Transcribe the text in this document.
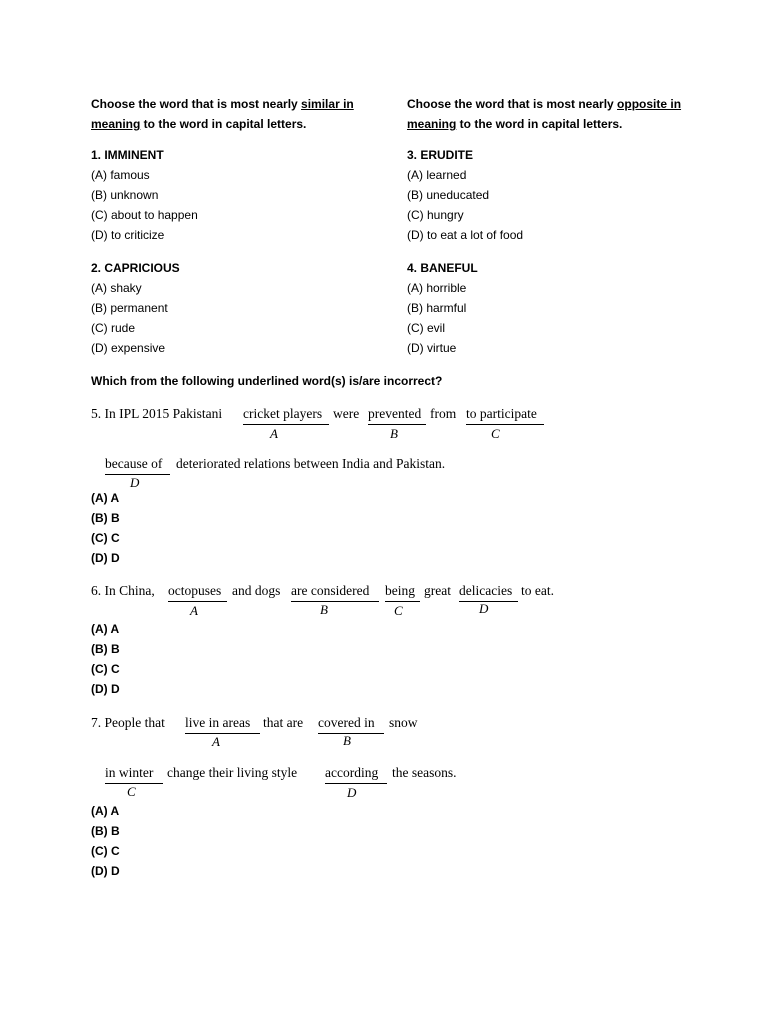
Choose the word that is most nearly similar in meaning to the word in capital letters.
Choose the word that is most nearly opposite in meaning to the word in capital letters.
1. IMMINENT
(A) famous
(B) unknown
(C) about to happen
(D) to criticize
3. ERUDITE
(A) learned
(B) uneducated
(C) hungry
(D) to eat a lot of food
2. CAPRICIOUS
(A) shaky
(B) permanent
(C) rude
(D) expensive
4. BANEFUL
(A) horrible
(B) harmful
(C) evil
(D) virtue
Which from the following underlined word(s) is/are incorrect?
5. In IPL 2015 Pakistani cricket players were prevented from to participate
A	B	C
because of deteriorated relations between India and Pakistan.
D
(A) A
(B) B
(C) C
(D) D
6. In China, octopuses and dogs are considered being great delicacies to eat.
A	B	C	D
(A) A
(B) B
(C) C
(D) D
7. People that live in areas that are covered in snow
A	B
in winter change their living style according the seasons.
C	D
(A) A
(B) B
(C) C
(D) D
